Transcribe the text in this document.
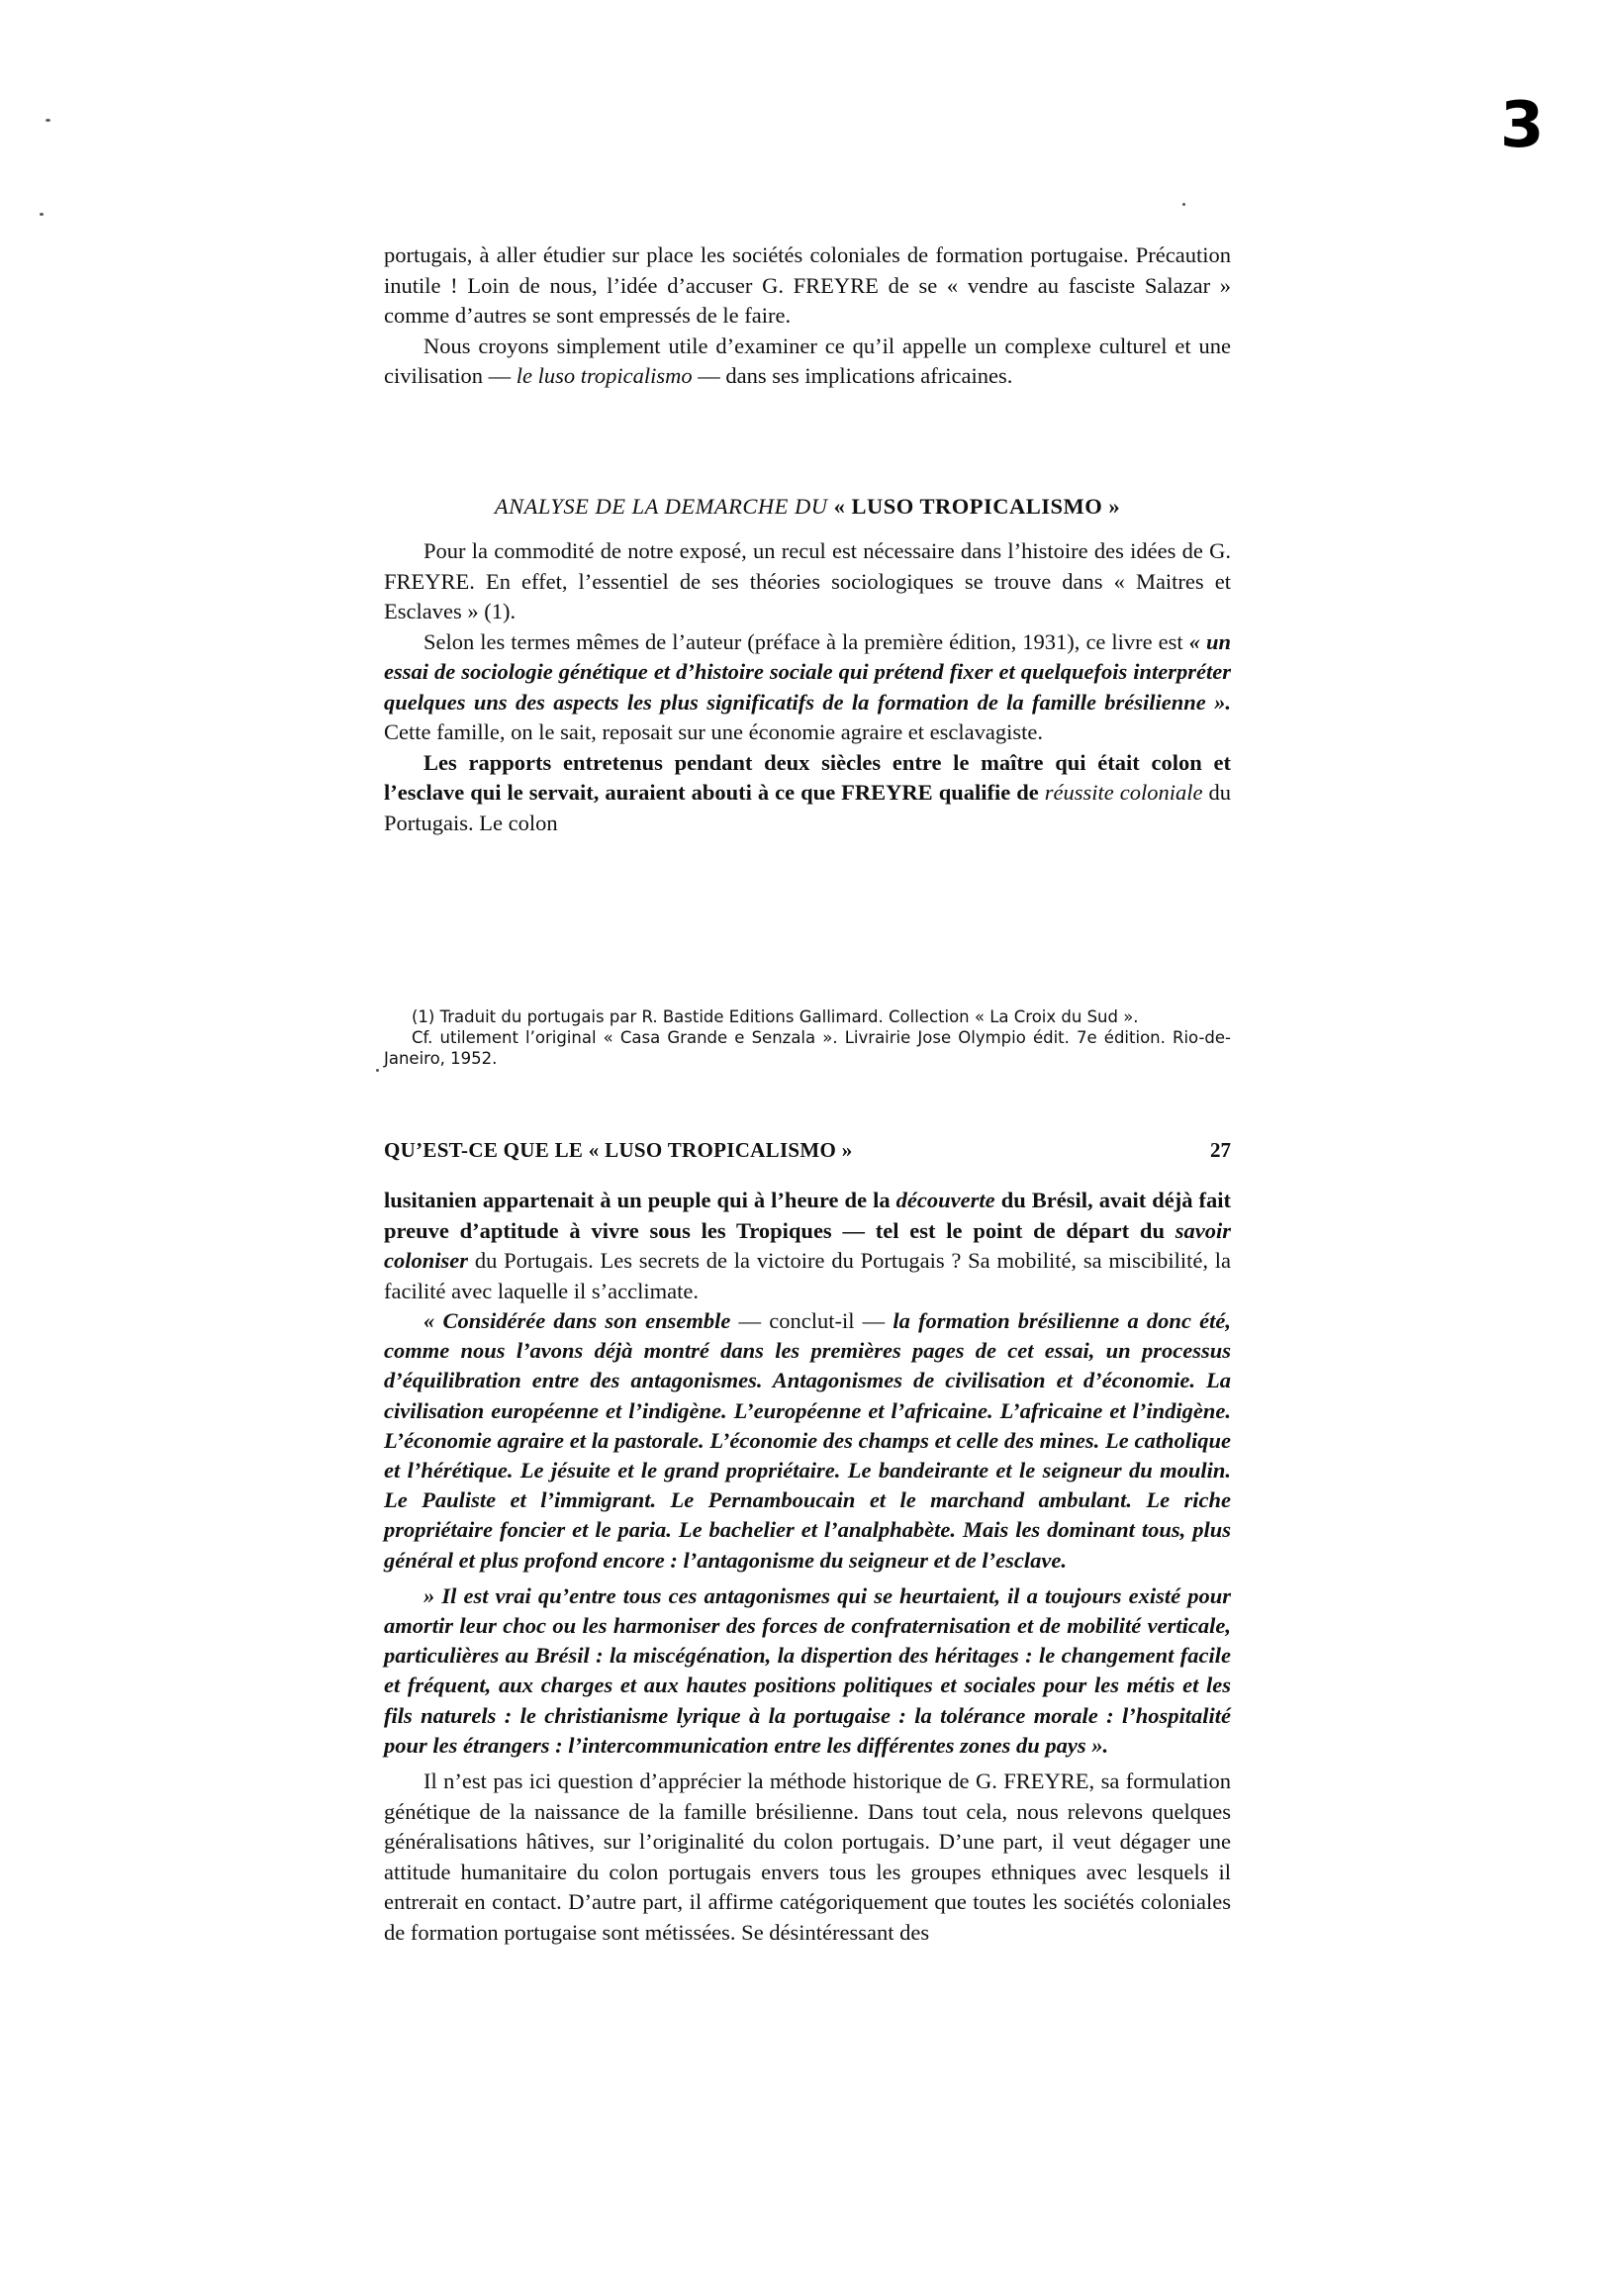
3

portugais, à aller étudier sur place les sociétés coloniales de formation portugaise. Précaution inutile ! Loin de nous, l’idée d’accuser G. FREYRE de se « vendre au fasciste Salazar » comme d’autres se sont empressés de le faire.

Nous croyons simplement utile d’examiner ce qu’il appelle un complexe culturel et une civilisation — le luso tropicalismo — dans ses implications africaines.

ANALYSE DE LA DEMARCHE DU « LUSO TROPICALISMO »

Pour la commodité de notre exposé, un recul est nécessaire dans l’histoire des idées de G. FREYRE. En effet, l’essentiel de ses théories sociologiques se trouve dans « Maitres et Esclaves » (1).

Selon les termes mêmes de l’auteur (préface à la première édition, 1931), ce livre est « un essai de sociologie génétique et d’histoire sociale qui prétend fixer et quelquefois interpréter quelques uns des aspects les plus significatifs de la formation de la famille brésilienne ». Cette famille, on le sait, reposait sur une économie agraire et esclavagiste.

Les rapports entretenus pendant deux siècles entre le maître qui était colon et l’esclave qui le servait, auraient abouti à ce que FREYRE qualifie de réussite coloniale du Portugais. Le colon

(1) Traduit du portugais par R. Bastide Editions Gallimard. Collection « La Croix du Sud ».

Cf. utilement l’original « Casa Grande e Senzala ». Livrairie Jose Olympio édit. 7e édition. Rio-de-Janeiro, 1952.

QU’EST-CE QUE LE « LUSO TROPICALISMO »	27

lusitanien appartenait à un peuple qui à l’heure de la découverte du Brésil, avait déjà fait preuve d’aptitude à vivre sous les Tropiques — tel est le point de départ du savoir coloniser du Portugais. Les secrets de la victoire du Portugais ? Sa mobilité, sa miscibilité, la facilité avec laquelle il s’acclimate.

« Considérée dans son ensemble — conclut-il — la formation brésilienne a donc été, comme nous l’avons déjà montré dans les premières pages de cet essai, un processus d’équilibration entre des antagonismes. Antagonismes de civilisation et d’économie. La civilisation européenne et l’indigène. L’européenne et l’africaine. L’africaine et l’indigène. L’économie agraire et la pastorale. L’économie des champs et celle des mines. Le catholique et l’hérétique. Le jésuite et le grand propriétaire. Le bandeirante et le seigneur du moulin. Le Pauliste et l’immigrant. Le Pernamboucain et le marchand ambulant. Le riche propriétaire foncier et le paria. Le bachelier et l’analphabète. Mais les dominant tous, plus général et plus profond encore : l’antagonisme du seigneur et de l’esclave.

» Il est vrai qu’entre tous ces antagonismes qui se heurtaient, il a toujours existé pour amortir leur choc ou les harmoniser des forces de confraternisation et de mobilité verticale, particulières au Brésil : la miscégénation, la dispertion des héritages : le changement facile et fréquent, aux charges et aux hautes positions politiques et sociales pour les métis et les fils naturels : le christianisme lyrique à la portugaise : la tolérance morale : l’hospitalité pour les étrangers : l’intercommunication entre les différentes zones du pays ».

Il n’est pas ici question d’apprécier la méthode historique de G. FREYRE, sa formulation génétique de la naissance de la famille brésilienne. Dans tout cela, nous relevons quelques généralisations hâtives, sur l’originalité du colon portugais. D’une part, il veut dégager une attitude humanitaire du colon portugais envers tous les groupes ethniques avec lesquels il entrerait en contact. D’autre part, il affirme catégoriquement que toutes les sociétés coloniales de formation portugaise sont métissées. Se désintéressant des
